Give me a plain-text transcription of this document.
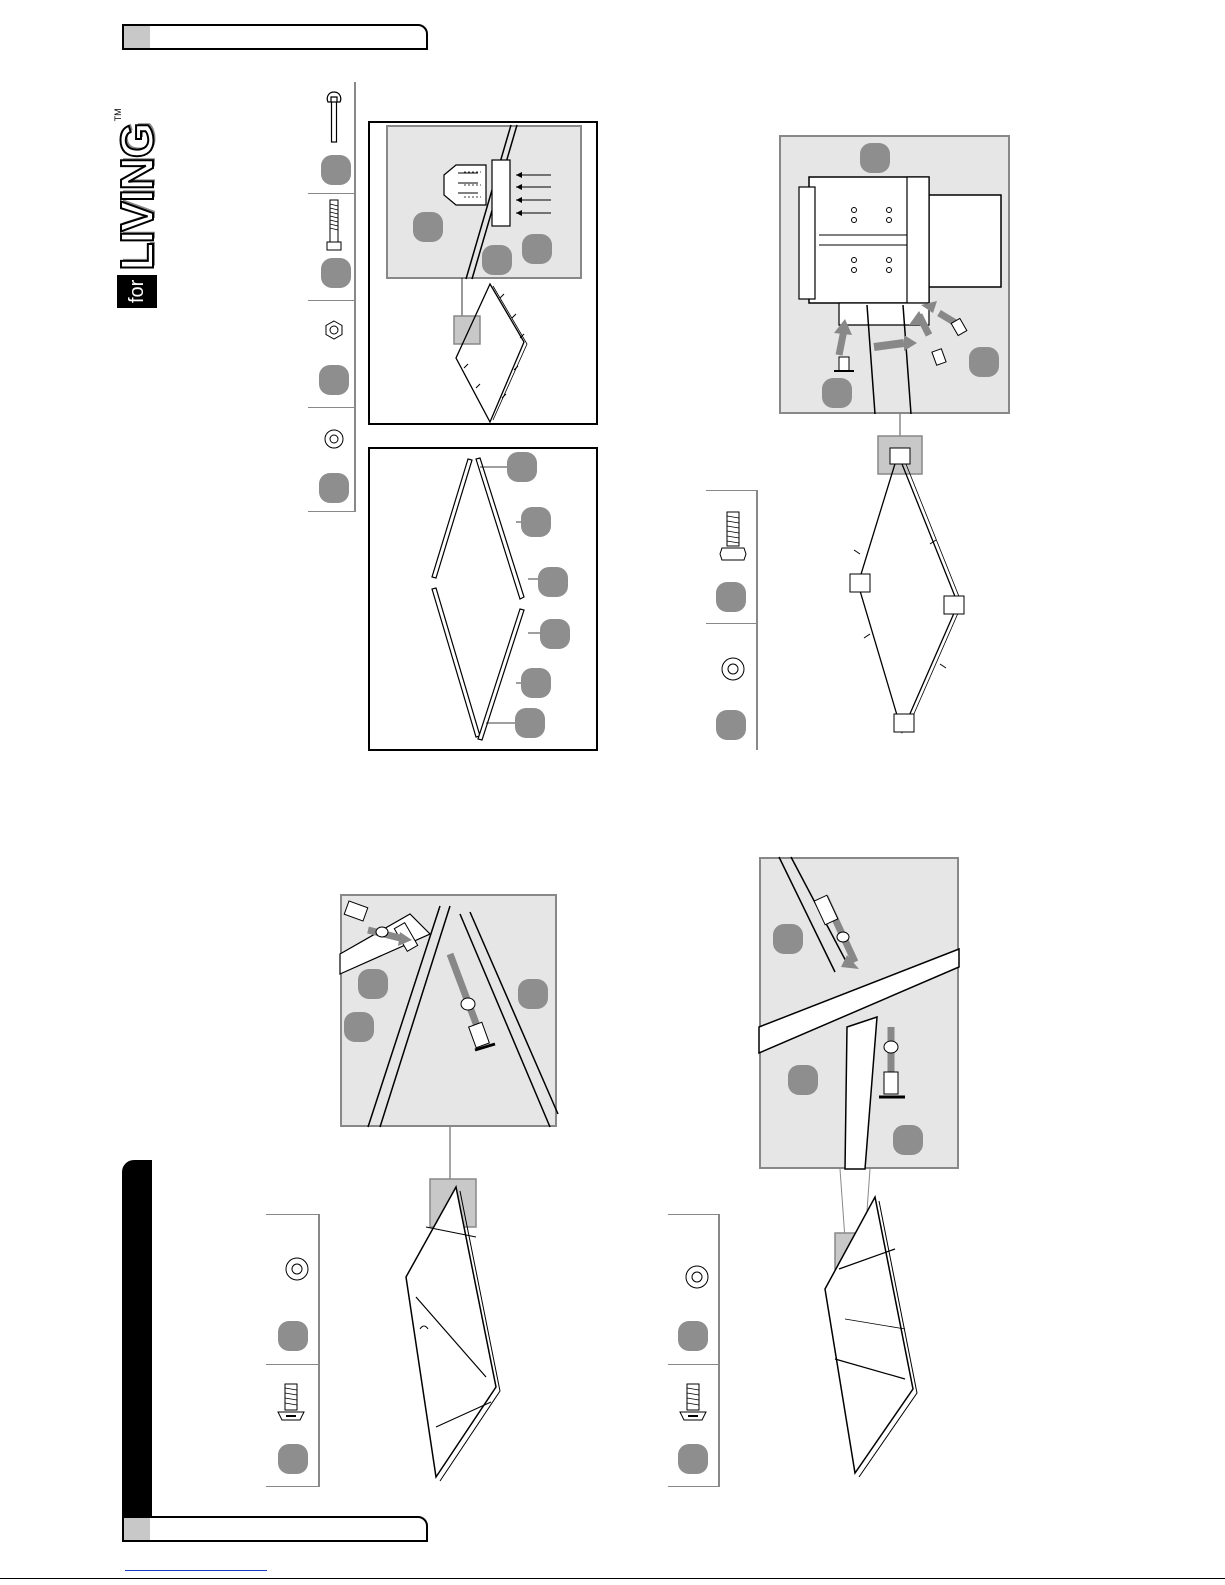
for
LIVING
TM
